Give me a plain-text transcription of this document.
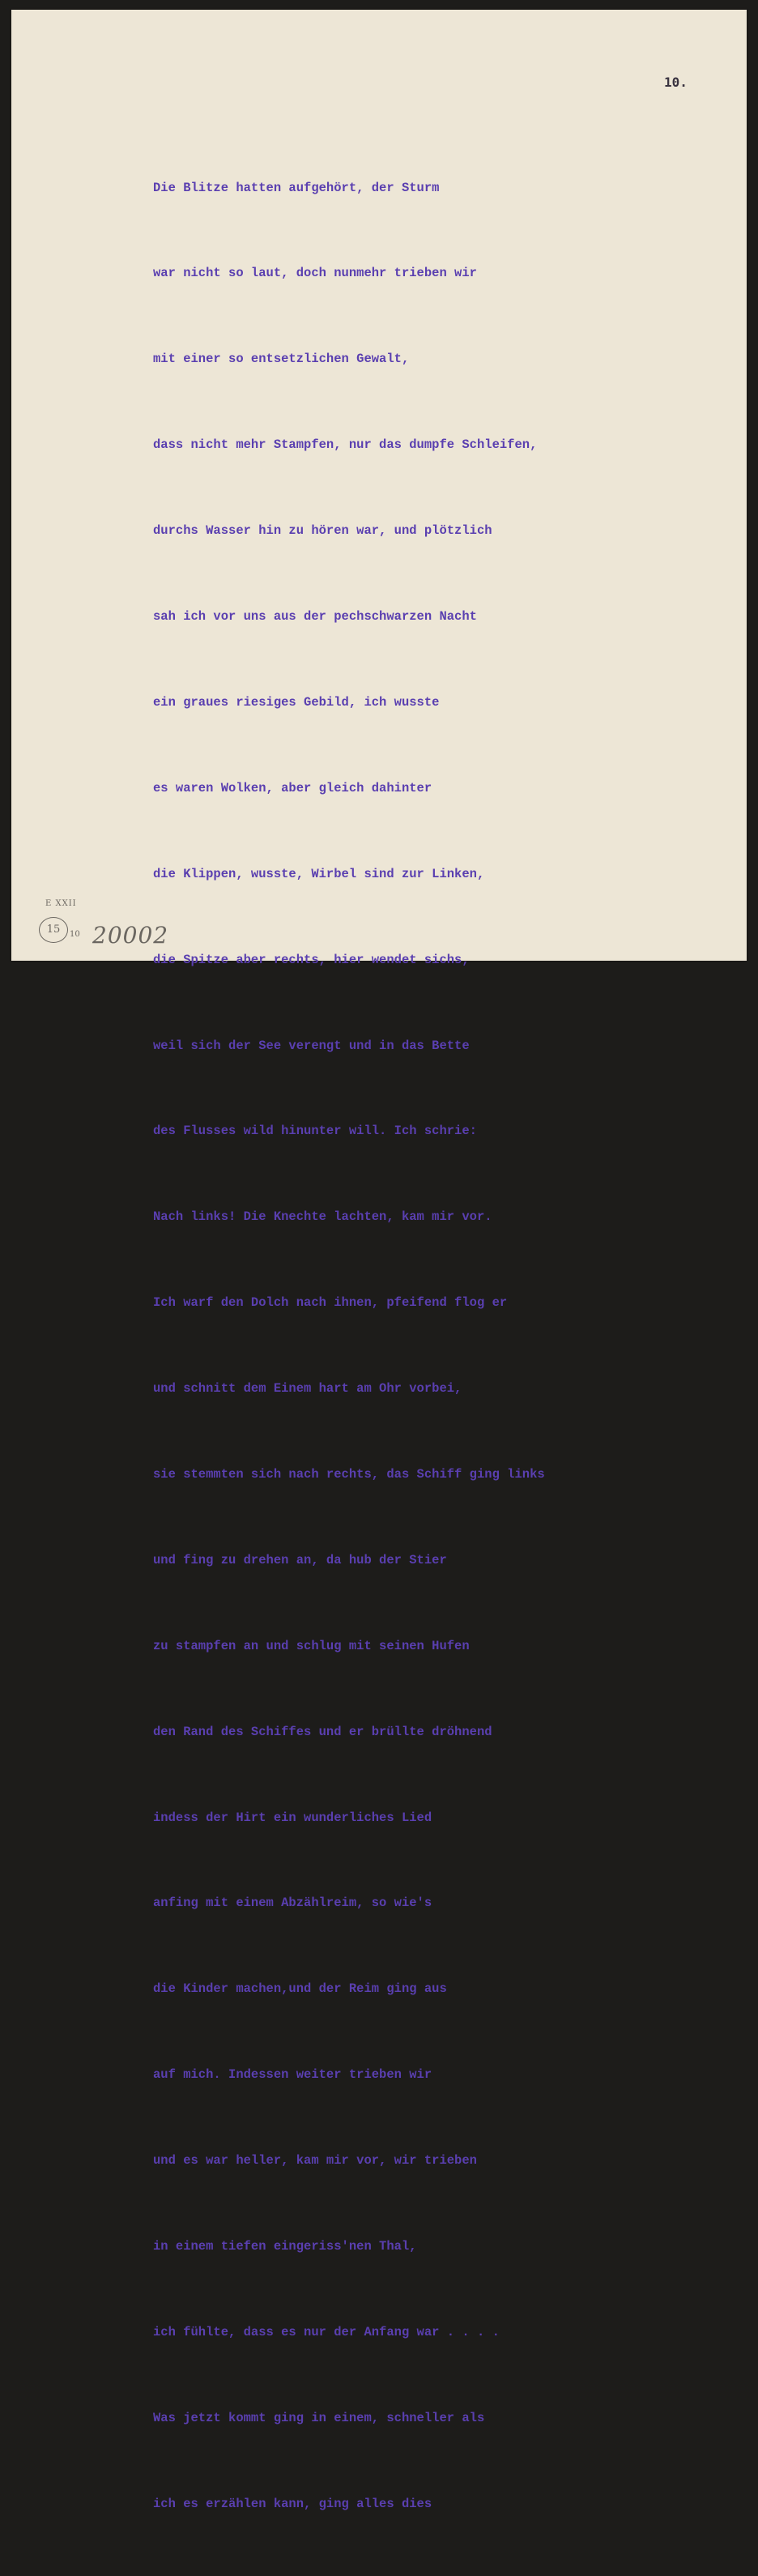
10.

Die Blitze hatten aufgehört, der Sturm

war nicht so laut, doch nunmehr trieben wir

mit einer so entsetzlichen Gewalt,

dass nicht mehr Stampfen, nur das dumpfe Schleifen,

durchs Wasser hin zu hören war, und plötzlich

sah ich vor uns aus der pechschwarzen Nacht

ein graues riesiges Gebild, ich wusste

es waren Wolken, aber gleich dahinter

die Klippen, wusste, Wirbel sind zur Linken,

die Spitze aber rechts, hier wendet sichs,

weil sich der See verengt und in das Bette

des Flusses wild hinunter will. Ich schrie:

Nach links! Die Knechte lachten, kam mir vor.

Ich warf den Dolch nach ihnen, pfeifend flog er

und schnitt dem Einem hart am Ohr vorbei,

sie stemmten sich nach rechts, das Schiff ging links

und fing zu drehen an, da hub der Stier

zu stampfen an und schlug mit seinen Hufen

den Rand des Schiffes und er brüllte dröhnend

indess der Hirt ein wunderliches Lied

anfing mit einem Abzählreim, so wie's

die Kinder machen,und der Reim ging aus

auf mich. Indessen weiter trieben wir

und es war heller, kam mir vor, wir trieben

in einem tiefen eingeriss'nen Thal,

ich fühlte, dass es nur der Anfang war . . . .

Was jetzt kommt ging in einem, schneller als

ich es erzählen kann, ging alles dies

E XXII
15	10 20002
